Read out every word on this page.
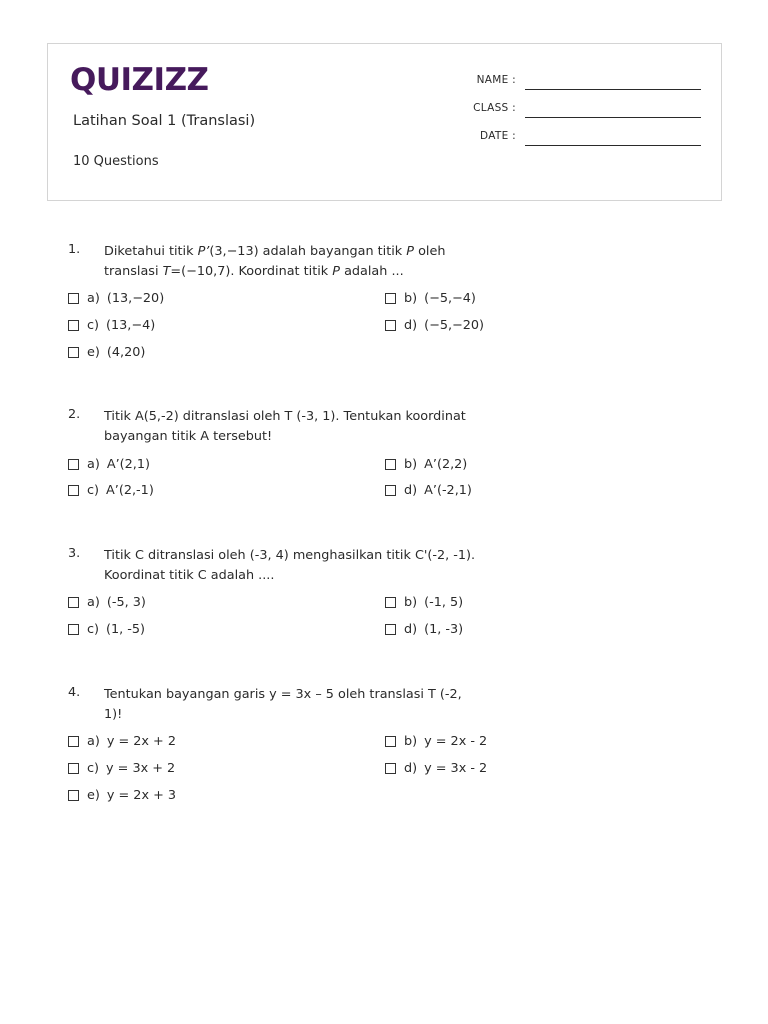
QUIZIZZ
Latihan Soal 1 (Translasi)
10 Questions
NAME :
CLASS :
DATE :
1. Diketahui titik P’(3,−13) adalah bayangan titik P oleh translasi T=(−10,7). Koordinat titik P adalah ...
a) (13,−20)	b) (−5,−4)
c) (13,−4)	d) (−5,−20)
e) (4,20)
2. Titik A(5,-2) ditranslasi oleh T (-3, 1). Tentukan koordinat bayangan titik A tersebut!
a) A’(2,1)	b) A’(2,2)
c) A’(2,-1)	d) A’(-2,1)
3. Titik C ditranslasi oleh (-3, 4) menghasilkan titik C'(-2, -1). Koordinat titik C adalah ....
a) (-5, 3)	b) (-1, 5)
c) (1, -5)	d) (1, -3)
4. Tentukan bayangan garis y = 3x – 5 oleh translasi T (-2, 1)!
a) y = 2x + 2	b) y = 2x - 2
c) y = 3x + 2	d) y = 3x - 2
e) y = 2x + 3
